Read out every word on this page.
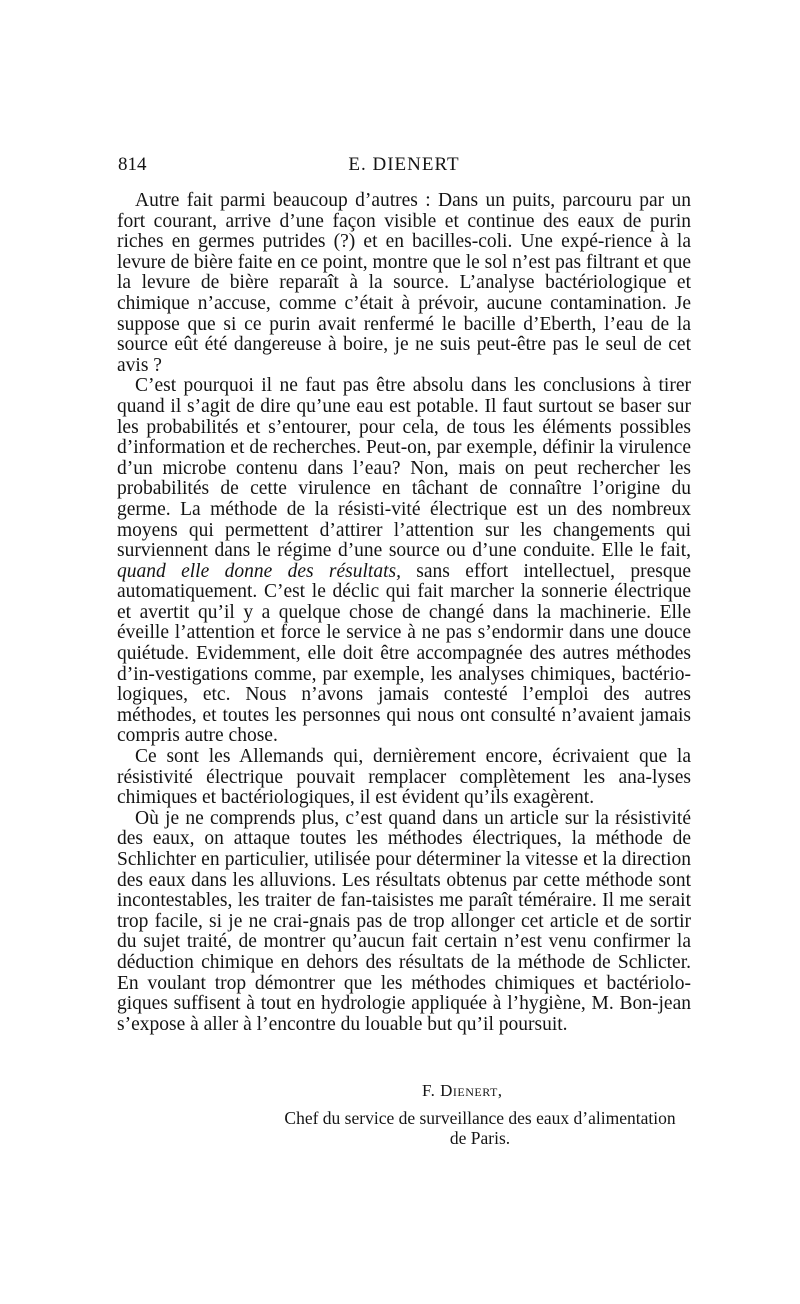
814	E. DIENERT

Autre fait parmi beaucoup d’autres : Dans un puits, parcouru par un fort courant, arrive d’une façon visible et continue des eaux de purin riches en germes putrides (?) et en bacilles-coli. Une expé-rience à la levure de bière faite en ce point, montre que le sol n’est pas filtrant et que la levure de bière reparaît à la source. L’analyse bactériologique et chimique n’accuse, comme c’était à prévoir, aucune contamination. Je suppose que si ce purin avait renfermé le bacille d’Eberth, l’eau de la source eût été dangereuse à boire, je ne suis peut-être pas le seul de cet avis ?

C’est pourquoi il ne faut pas être absolu dans les conclusions à tirer quand il s’agit de dire qu’une eau est potable. Il faut surtout se baser sur les probabilités et s’entourer, pour cela, de tous les éléments possibles d’information et de recherches. Peut-on, par exemple, définir la virulence d’un microbe contenu dans l’eau? Non, mais on peut rechercher les probabilités de cette virulence en tâchant de connaître l’origine du germe. La méthode de la résisti-vité électrique est un des nombreux moyens qui permettent d’attirer l’attention sur les changements qui surviennent dans le régime d’une source ou d’une conduite. Elle le fait, quand elle donne des résultats, sans effort intellectuel, presque automatiquement. C’est le déclic qui fait marcher la sonnerie électrique et avertit qu’il y a quelque chose de changé dans la machinerie. Elle éveille l’attention et force le service à ne pas s’endormir dans une douce quiétude. Evidemment, elle doit être accompagnée des autres méthodes d’in-vestigations comme, par exemple, les analyses chimiques, bactério-logiques, etc. Nous n’avons jamais contesté l’emploi des autres méthodes, et toutes les personnes qui nous ont consulté n’avaient jamais compris autre chose.

Ce sont les Allemands qui, dernièrement encore, écrivaient que la résistivité électrique pouvait remplacer complètement les ana-lyses chimiques et bactériologiques, il est évident qu’ils exagèrent.

Où je ne comprends plus, c’est quand dans un article sur la résistivité des eaux, on attaque toutes les méthodes électriques, la méthode de Schlichter en particulier, utilisée pour déterminer la vitesse et la direction des eaux dans les alluvions. Les résultats obtenus par cette méthode sont incontestables, les traiter de fan-taisistes me paraît téméraire. Il me serait trop facile, si je ne crai-gnais pas de trop allonger cet article et de sortir du sujet traité, de montrer qu’aucun fait certain n’est venu confirmer la déduction chimique en dehors des résultats de la méthode de Schlicter. En voulant trop démontrer que les méthodes chimiques et bactériolo-giques suffisent à tout en hydrologie appliquée à l’hygiène, M. Bon-jean s’expose à aller à l’encontre du louable but qu’il poursuit.

F. Dienert,
Chef du service de surveillance des eaux d’alimentation
de Paris.
